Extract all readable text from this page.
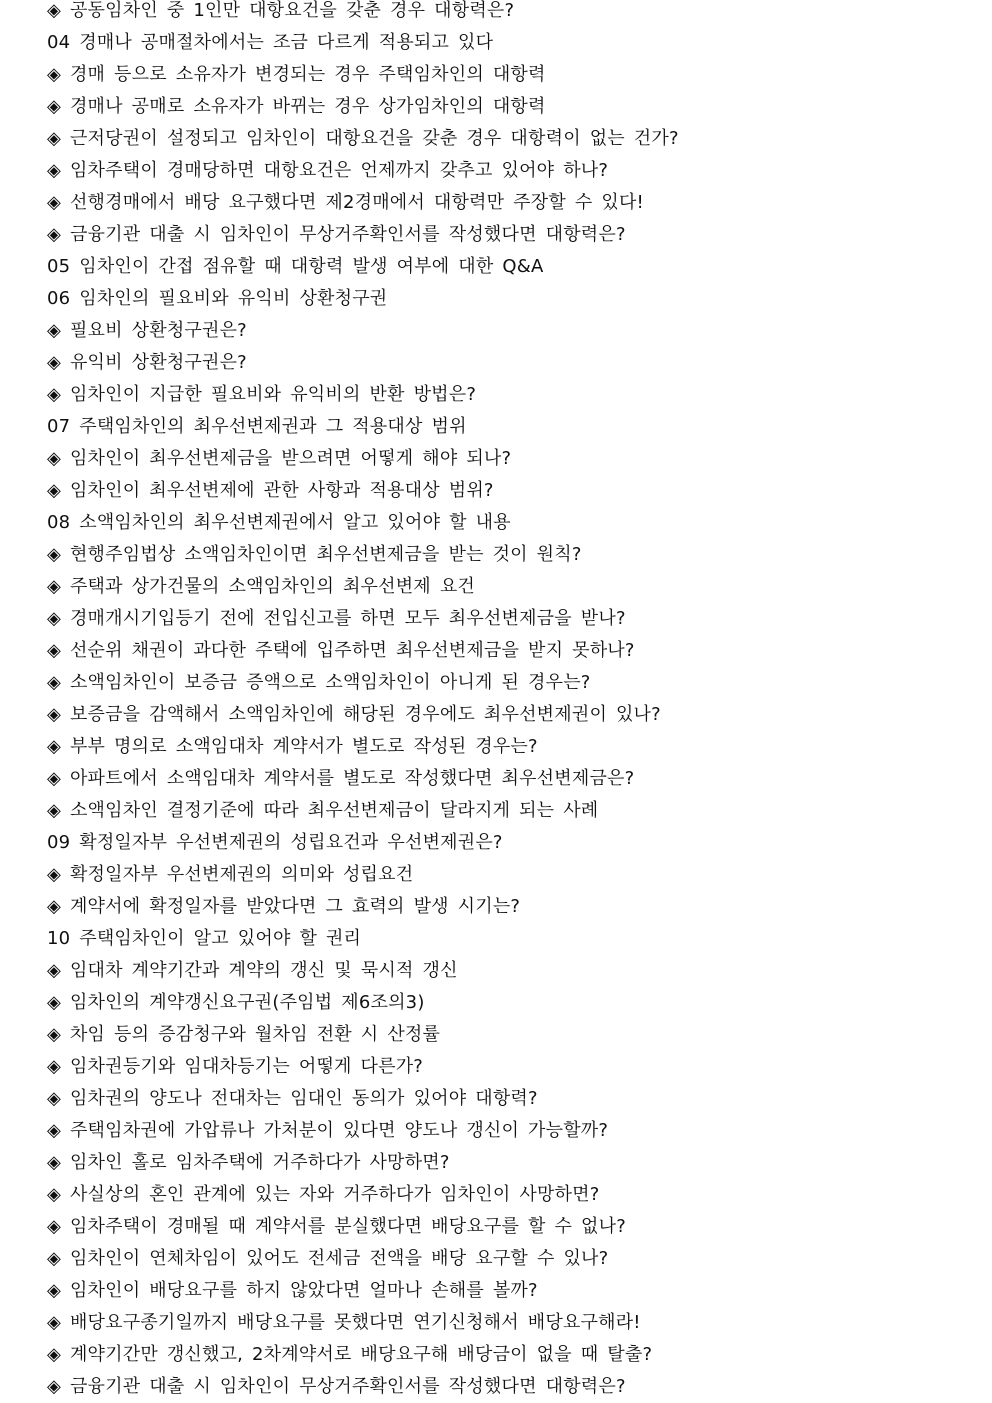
◈ 공동임차인 중 1인만 대항요건을 갖춘 경우 대항력은?
04 경매나 공매절차에서는 조금 다르게 적용되고 있다
◈ 경매 등으로 소유자가 변경되는 경우 주택임차인의 대항력
◈ 경매나 공매로 소유자가 바뀌는 경우 상가임차인의 대항력
◈ 근저당권이 설정되고 임차인이 대항요건을 갖춘 경우 대항력이 없는 건가?
◈ 임차주택이 경매당하면 대항요건은 언제까지 갖추고 있어야 하나?
◈ 선행경매에서 배당 요구했다면 제2경매에서 대항력만 주장할 수 있다!
◈ 금융기관 대출 시 임차인이 무상거주확인서를 작성했다면 대항력은?
05 임차인이 간접 점유할 때 대항력 발생 여부에 대한 Q&A
06 임차인의 필요비와 유익비 상환청구권
◈ 필요비 상환청구권은?
◈ 유익비 상환청구권은?
◈ 임차인이 지급한 필요비와 유익비의 반환 방법은?
07 주택임차인의 최우선변제권과 그 적용대상 범위
◈ 임차인이 최우선변제금을 받으려면 어떻게 해야 되나?
◈ 임차인이 최우선변제에 관한 사항과 적용대상 범위?
08 소액임차인의 최우선변제권에서 알고 있어야 할 내용
◈ 현행주임법상 소액임차인이면 최우선변제금을 받는 것이 원칙?
◈ 주택과 상가건물의 소액임차인의 최우선변제 요건
◈ 경매개시기입등기 전에 전입신고를 하면 모두 최우선변제금을 받나?
◈ 선순위 채권이 과다한 주택에 입주하면 최우선변제금을 받지 못하나?
◈ 소액임차인이 보증금 증액으로 소액임차인이 아니게 된 경우는?
◈ 보증금을 감액해서 소액임차인에 해당된 경우에도 최우선변제권이 있나?
◈ 부부 명의로 소액임대차 계약서가 별도로 작성된 경우는?
◈ 아파트에서 소액임대차 계약서를 별도로 작성했다면 최우선변제금은?
◈ 소액임차인 결정기준에 따라 최우선변제금이 달라지게 되는 사례
09 확정일자부 우선변제권의 성립요건과 우선변제권은?
◈ 확정일자부 우선변제권의 의미와 성립요건
◈ 계약서에 확정일자를 받았다면 그 효력의 발생 시기는?
10 주택임차인이 알고 있어야 할 권리
◈ 임대차 계약기간과 계약의 갱신 및 묵시적 갱신
◈ 임차인의 계약갱신요구권(주임법 제6조의3)
◈ 차임 등의 증감청구와 월차임 전환 시 산정률
◈ 임차권등기와 임대차등기는 어떻게 다른가?
◈ 임차권의 양도나 전대차는 임대인 동의가 있어야 대항력?
◈ 주택임차권에 가압류나 가처분이 있다면 양도나 갱신이 가능할까?
◈ 임차인 홀로 임차주택에 거주하다가 사망하면?
◈ 사실상의 혼인 관계에 있는 자와 거주하다가 임차인이 사망하면?
◈ 임차주택이 경매될 때 계약서를 분실했다면 배당요구를 할 수 없나?
◈ 임차인이 연체차임이 있어도 전세금 전액을 배당 요구할 수 있나?
◈ 임차인이 배당요구를 하지 않았다면 얼마나 손해를 볼까?
◈ 배당요구종기일까지 배당요구를 못했다면 연기신청해서 배당요구해라!
◈ 계약기간만 갱신했고, 2차계약서로 배당요구해 배당금이 없을 때 탈출?
◈ 금융기관 대출 시 임차인이 무상거주확인서를 작성했다면 대항력은?
